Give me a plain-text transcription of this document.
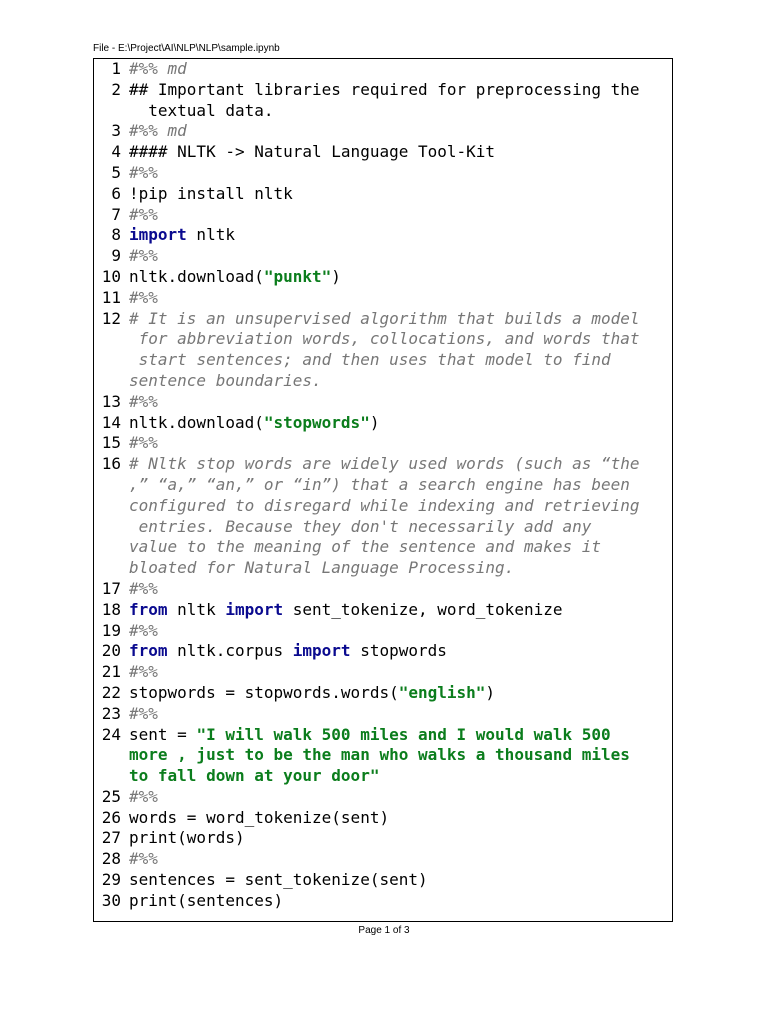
File - E:\Project\AI\NLP\NLP\sample.ipynb
1 #%% md
2 ## Important libraries required for preprocessing the
textual data.
3 #%% md
4 #### NLTK -> Natural Language Tool-Kit
5 #%%
6 !pip install nltk
7 #%%
8 import nltk
9 #%%
10 nltk.download("punkt")
11 #%%
12 # It is an unsupervised algorithm that builds a model
for abbreviation words, collocations, and words that
start sentences; and then uses that model to find
sentence boundaries.
13 #%%
14 nltk.download("stopwords")
15 #%%
16 # Nltk stop words are widely used words (such as “the
,” “a,” “an,” or “in”) that a search engine has been
configured to disregard while indexing and retrieving
entries. Because they don't necessarily add any
value to the meaning of the sentence and makes it
bloated for Natural Language Processing.
17 #%%
18 from nltk import sent_tokenize, word_tokenize
19 #%%
20 from nltk.corpus import stopwords
21 #%%
22 stopwords = stopwords.words("english")
23 #%%
24 sent = "I will walk 500 miles and I would walk 500
more , just to be the man who walks a thousand miles
to fall down at your door"
25 #%%
26 words = word_tokenize(sent)
27 print(words)
28 #%%
29 sentences = sent_tokenize(sent)
30 print(sentences)
Page 1 of 3
